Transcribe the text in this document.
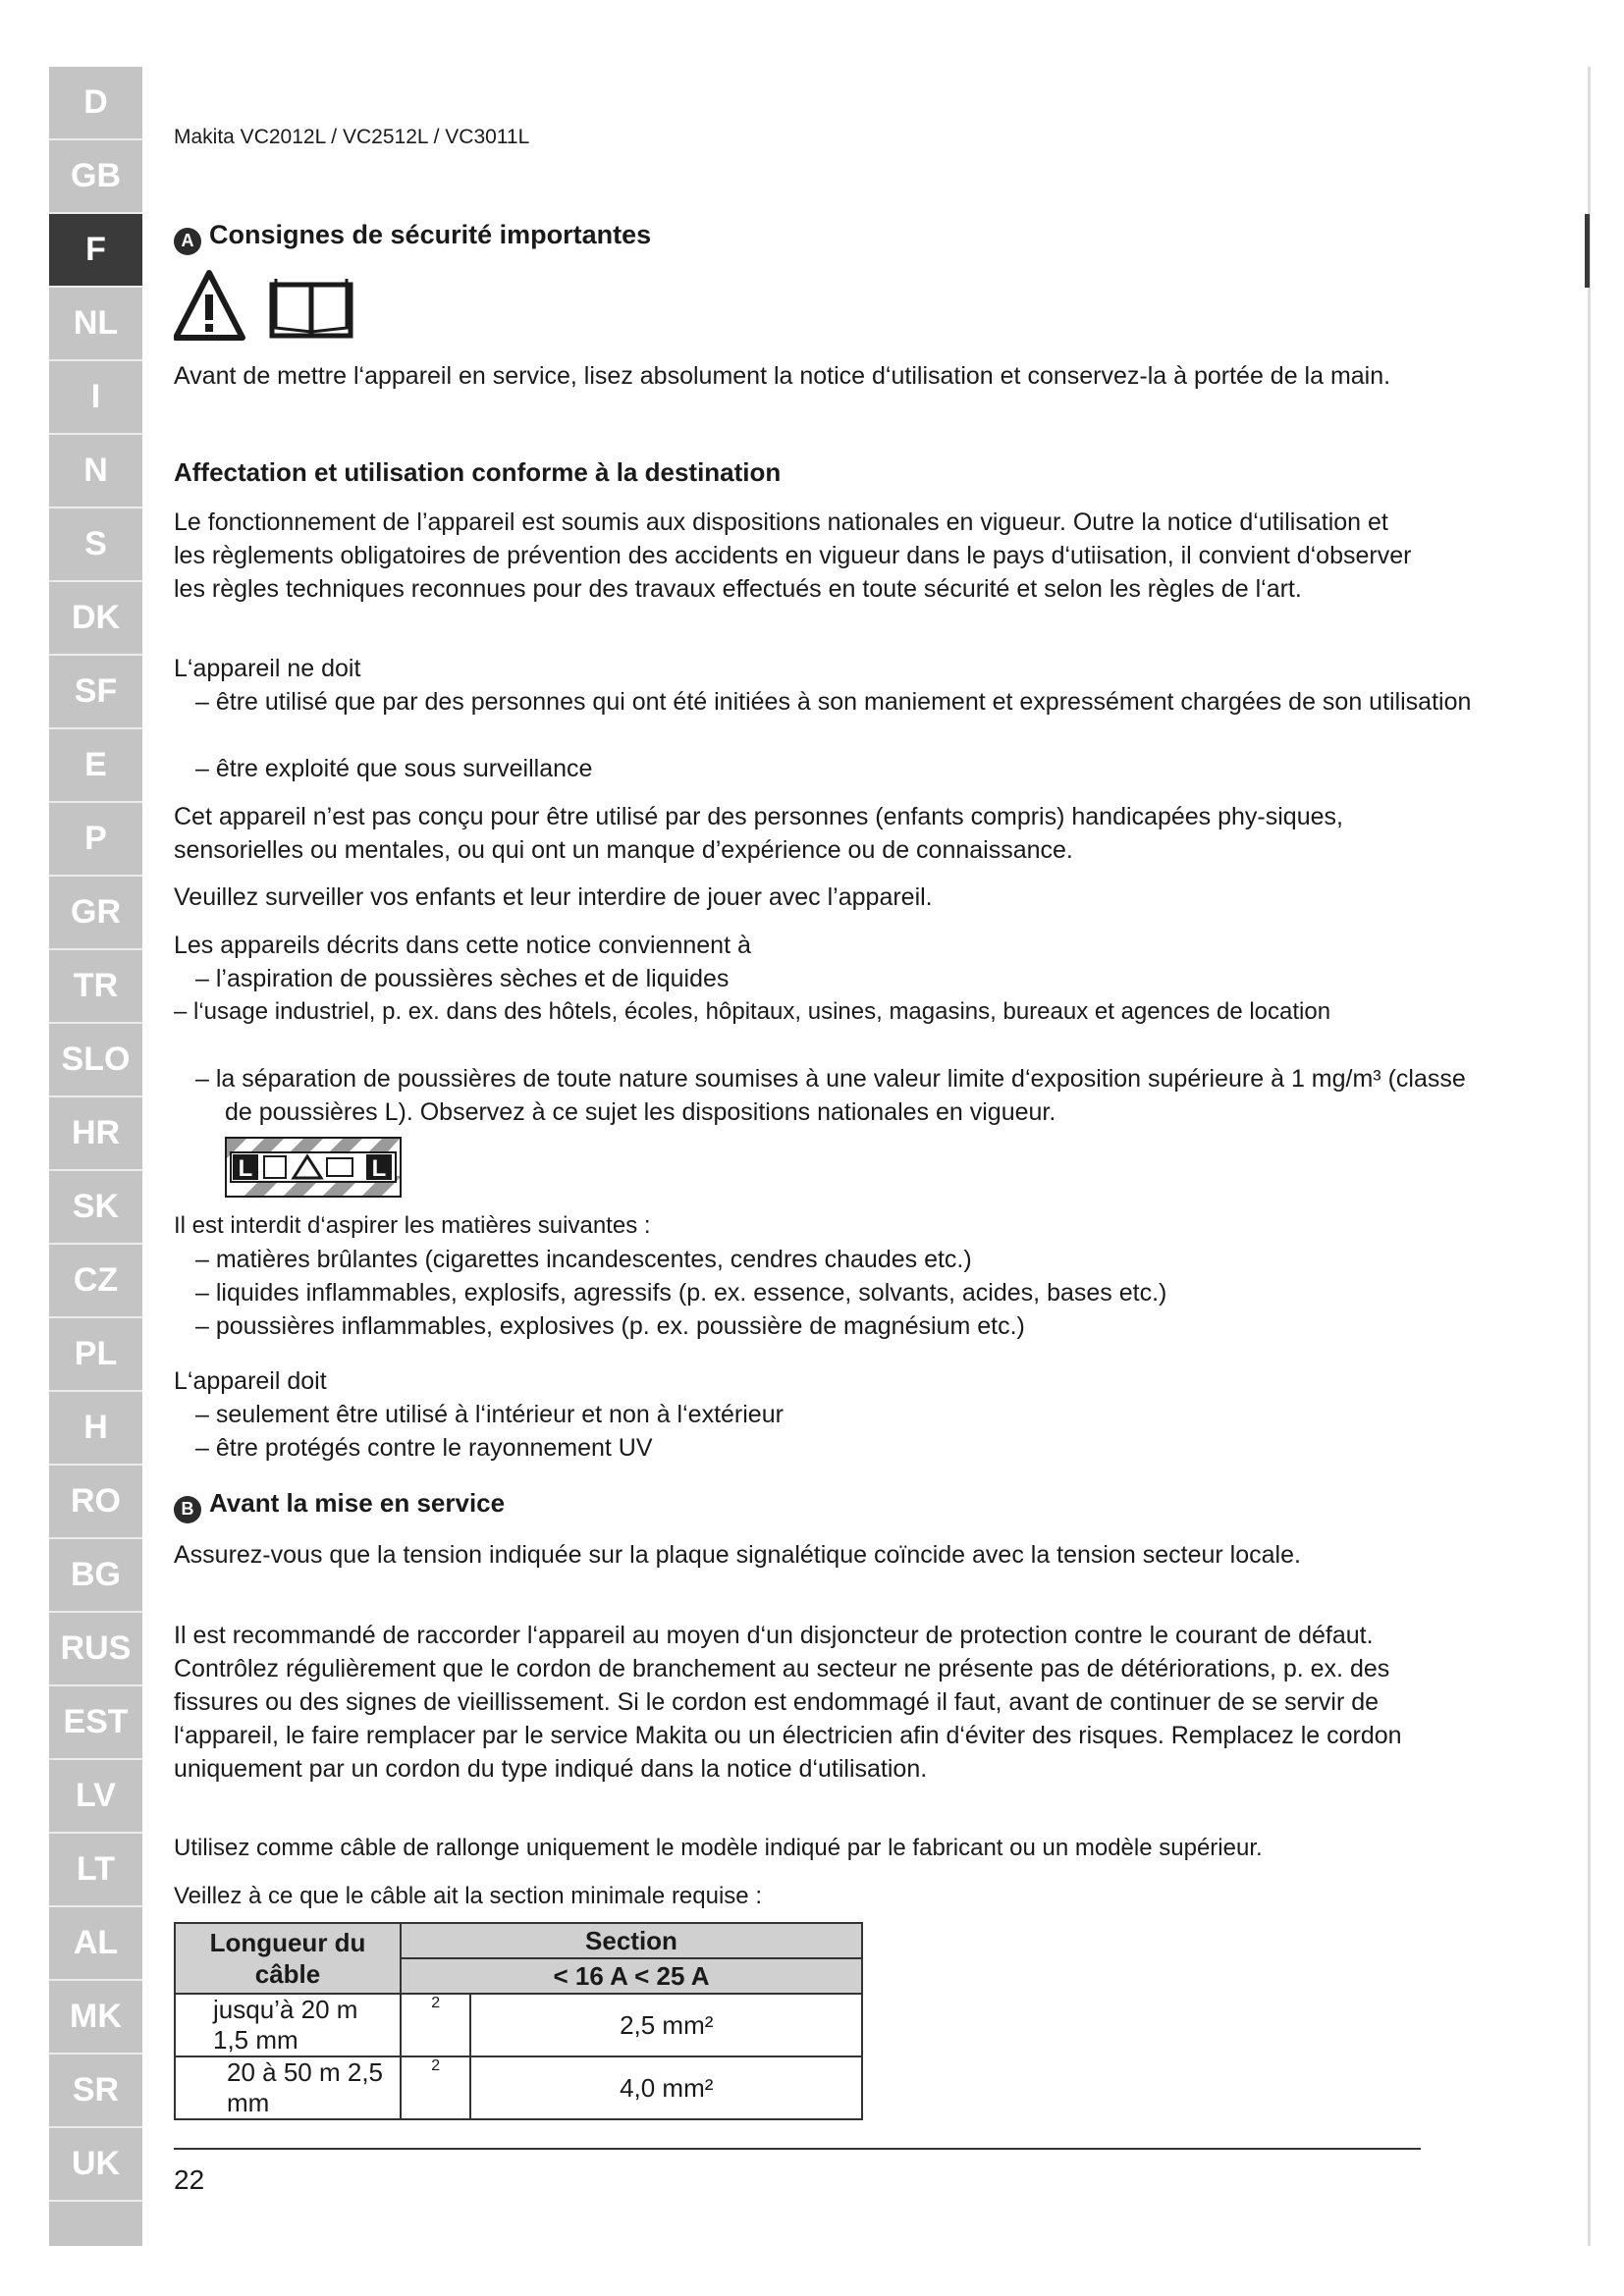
D
GB
F
NL
I
N
S
DK
SF
E
P
GR
TR
SLO
HR
SK
CZ
PL
H
RO
BG
RUS
EST
LV
LT
AL
MK
SR
UK
Makita VC2012L / VC2512L / VC3011L
A Consignes de sécurité importantes

Avant de mettre l‘appareil en service, lisez absolument la notice d‘utilisation et conservez-la à portée de la main.

Affectation et utilisation conforme à la destination

Le fonctionnement de l’appareil est soumis aux dispositions nationales en vigueur. Outre la notice d‘utilisation et les règlements obligatoires de prévention des accidents en vigueur dans le pays d‘utiisation, il convient d‘observer les règles techniques reconnues pour des travaux effectués en toute sécurité et selon les règles de l‘art.

L‘appareil ne doit

– être utilisé que par des personnes qui ont été initiées à son maniement et expressément chargées de son utilisation

– être exploité que sous surveillance

Cet appareil n’est pas conçu pour être utilisé par des personnes (enfants compris) handicapées phy-siques, sensorielles ou mentales, ou qui ont un manque d’expérience ou de connaissance.

Veuillez surveiller vos enfants et leur interdire de jouer avec l’appareil.

Les appareils décrits dans cette notice conviennent à

– l’aspiration de poussières sèches et de liquides

– l‘usage industriel, p. ex. dans des hôtels, écoles, hôpitaux, usines, magasins, bureaux et agences de location

– la séparation de poussières de toute nature soumises à une valeur limite d‘exposition supérieure à 1 mg/m³ (classe de poussières L). Observez à ce sujet les dispositions nationales en vigueur.

L	L

Il est interdit d‘aspirer les matières suivantes :

– matières brûlantes (cigarettes incandescentes, cendres chaudes etc.)

– liquides inflammables, explosifs, agressifs (p. ex. essence, solvants, acides, bases etc.)

– poussières inflammables, explosives (p. ex. poussière de magnésium etc.)

L‘appareil doit

– seulement être utilisé à l‘intérieur et non à l‘extérieur

– être protégés contre le rayonnement UV

B Avant la mise en service

Assurez-vous que la tension indiquée sur la plaque signalétique coïncide avec la tension secteur locale.

Il est recommandé de raccorder l‘appareil au moyen d‘un disjoncteur de protection contre le courant de défaut. Contrôlez régulièrement que le cordon de branchement au secteur ne présente pas de détériorations, p. ex. des fissures ou des signes de vieillissement. Si le cordon est endommagé il faut, avant de continuer de se servir de l‘appareil, le faire remplacer par le service Makita ou un électricien afin d‘éviter des risques. Remplacez le cordon uniquement par un cordon du type indiqué dans la notice d‘utilisation.

Utilisez comme câble de rallonge uniquement le modèle indiqué par le fabricant ou un modèle supérieur.

Veillez à ce que le câble ait la section minimale requise :

Longueur du câble	Section	
	< 16 A < 25 A	
jusqu’à 20 m 1,5 mm	2	2,5 mm²
20 à 50 m 2,5 mm	2	4,0 mm²
22
